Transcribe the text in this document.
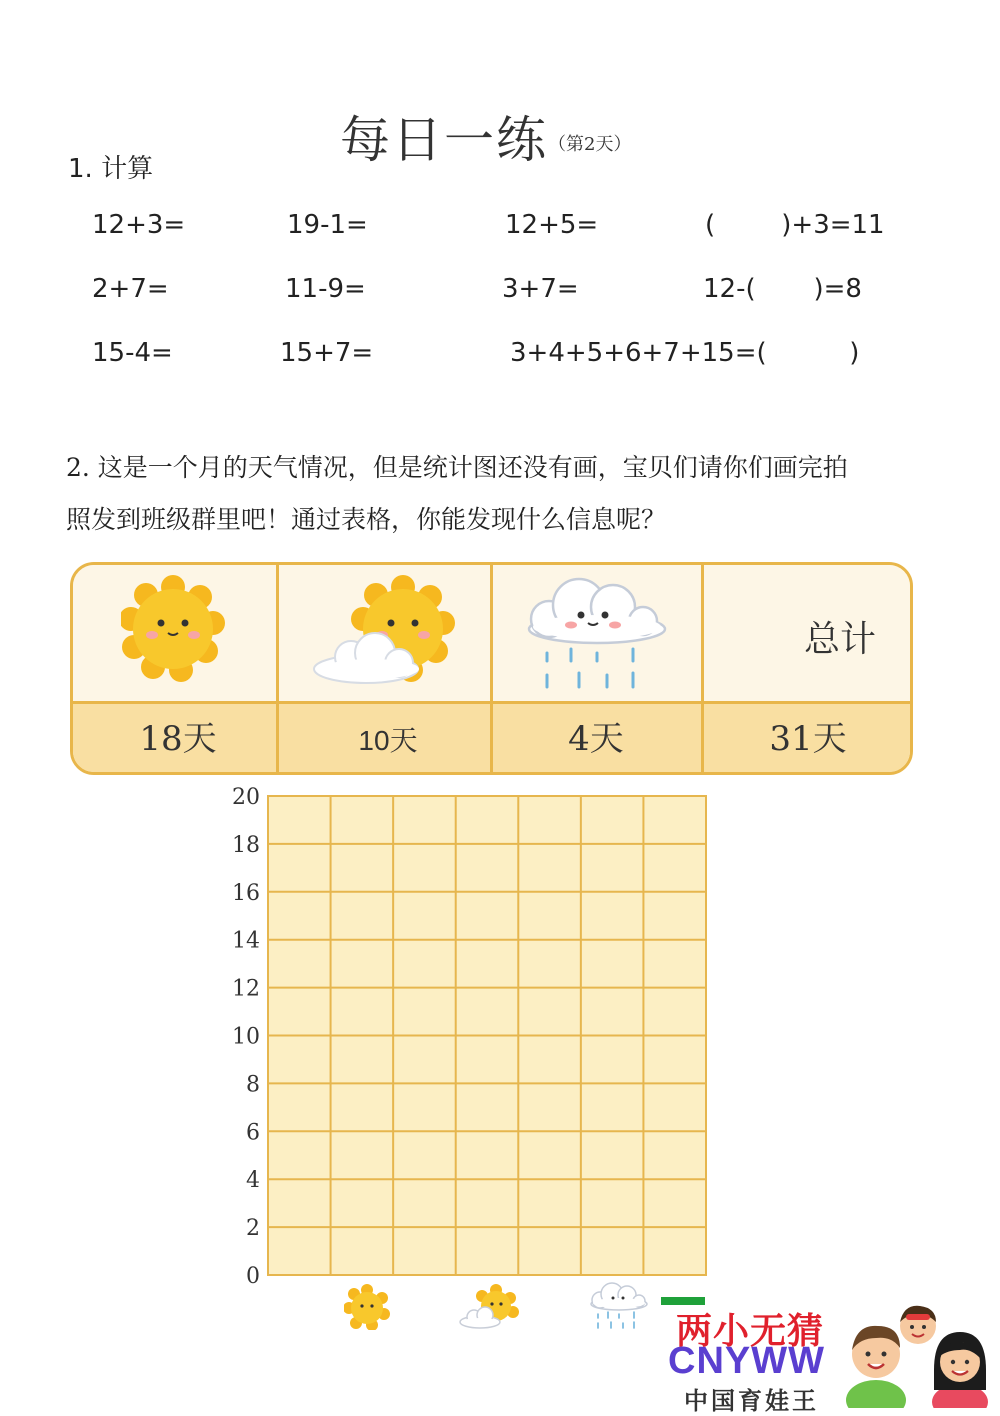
每日一练 （第2天）
1. 计算
12+3=	19-1=	12+5=	(        )+3=11
2+7=	11-9=	3+7=	12-(       )=8
15-4=	15+7=	3+4+5+6+7+15=(          )
2. 这是一个月的天气情况，但是统计图还没有画，宝贝们请你们画完拍
照发到班级群里吧！通过表格，你能发现什么信息呢？
总计
18天	10天	4天	31天
20
18
16
14
12
10
8
6
4
2
0
两小无猜
CNYWW
中国育娃王
